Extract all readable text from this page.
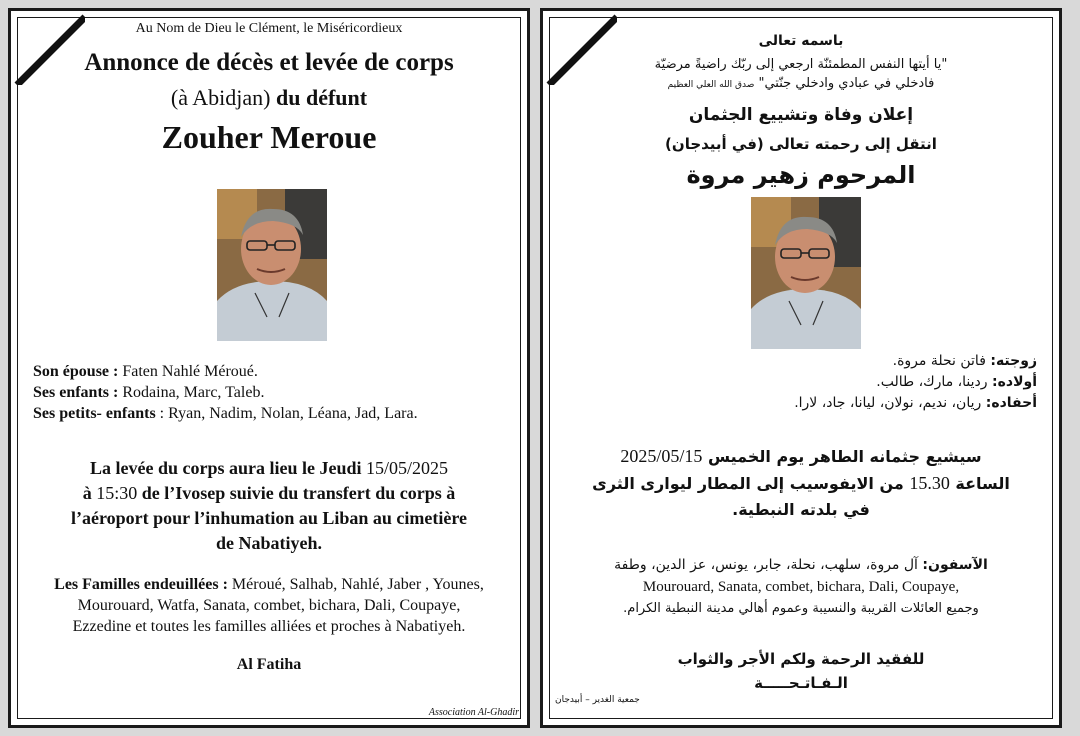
Au Nom de Dieu le Clément, le Miséricordieux
Annonce de décès et levée de corps
(à Abidjan) du défunt
Zouher Meroue
Son épouse : Faten Nahlé Méroué.
Ses enfants : Rodaina, Marc, Taleb.
Ses petits- enfants : Ryan, Nadim, Nolan, Léana, Jad, Lara.
La levée du corps aura lieu le Jeudi 15/05/2025
à 15:30 de l’Ivosep suivie du transfert du corps à
l’aéroport pour l’inhumation au Liban au cimetière
de Nabatiyeh.
Les Familles endeuillées : Méroué, Salhab, Nahlé, Jaber , Younes,
Mourouard, Watfa, Sanata, combet, bichara, Dali, Coupaye,
Ezzedine et toutes les familles alliées et proches à Nabatiyeh.
Al Fatiha
Association Al-Ghadir
باسمه تعالى
"يا أيتها النفس المطمئنّة ارجعي إلى ربّك راضيةً مرضيّة
فادخلي في عبادي وادخلي جنّتي" صدق الله العلي العظيم
إعلان وفاة وتشييع الجثمان
انتقل إلى رحمته تعالى (في أبيدجان)
المرحوم زهير مروة
زوجته: فاتن نحلة مروة.
أولاده: ردينا، مارك، طالب.
أحفاده: ريان، نديم، نولان، ليانا، جاد، لارا.
سيشيع جثمانه الطاهر يوم الخميس 2025/05/15
الساعة 15.30 من الايفوسيب إلى المطار ليوارى الثرى
في بلدته النبطية.
الآسفون: آل مروة، سلهب، نحلة، جابر، يونس، عز الدين، وطفة
Mourouard, Sanata, combet, bichara, Dali, Coupaye,
وجميع العائلات القريبة والنسيبة وعموم أهالي مدينة النبطية الكرام.
للفقيد الرحمة ولكم الأجر والثواب
الـفـاتـحـــــة
جمعية الغدير – أبيدجان
